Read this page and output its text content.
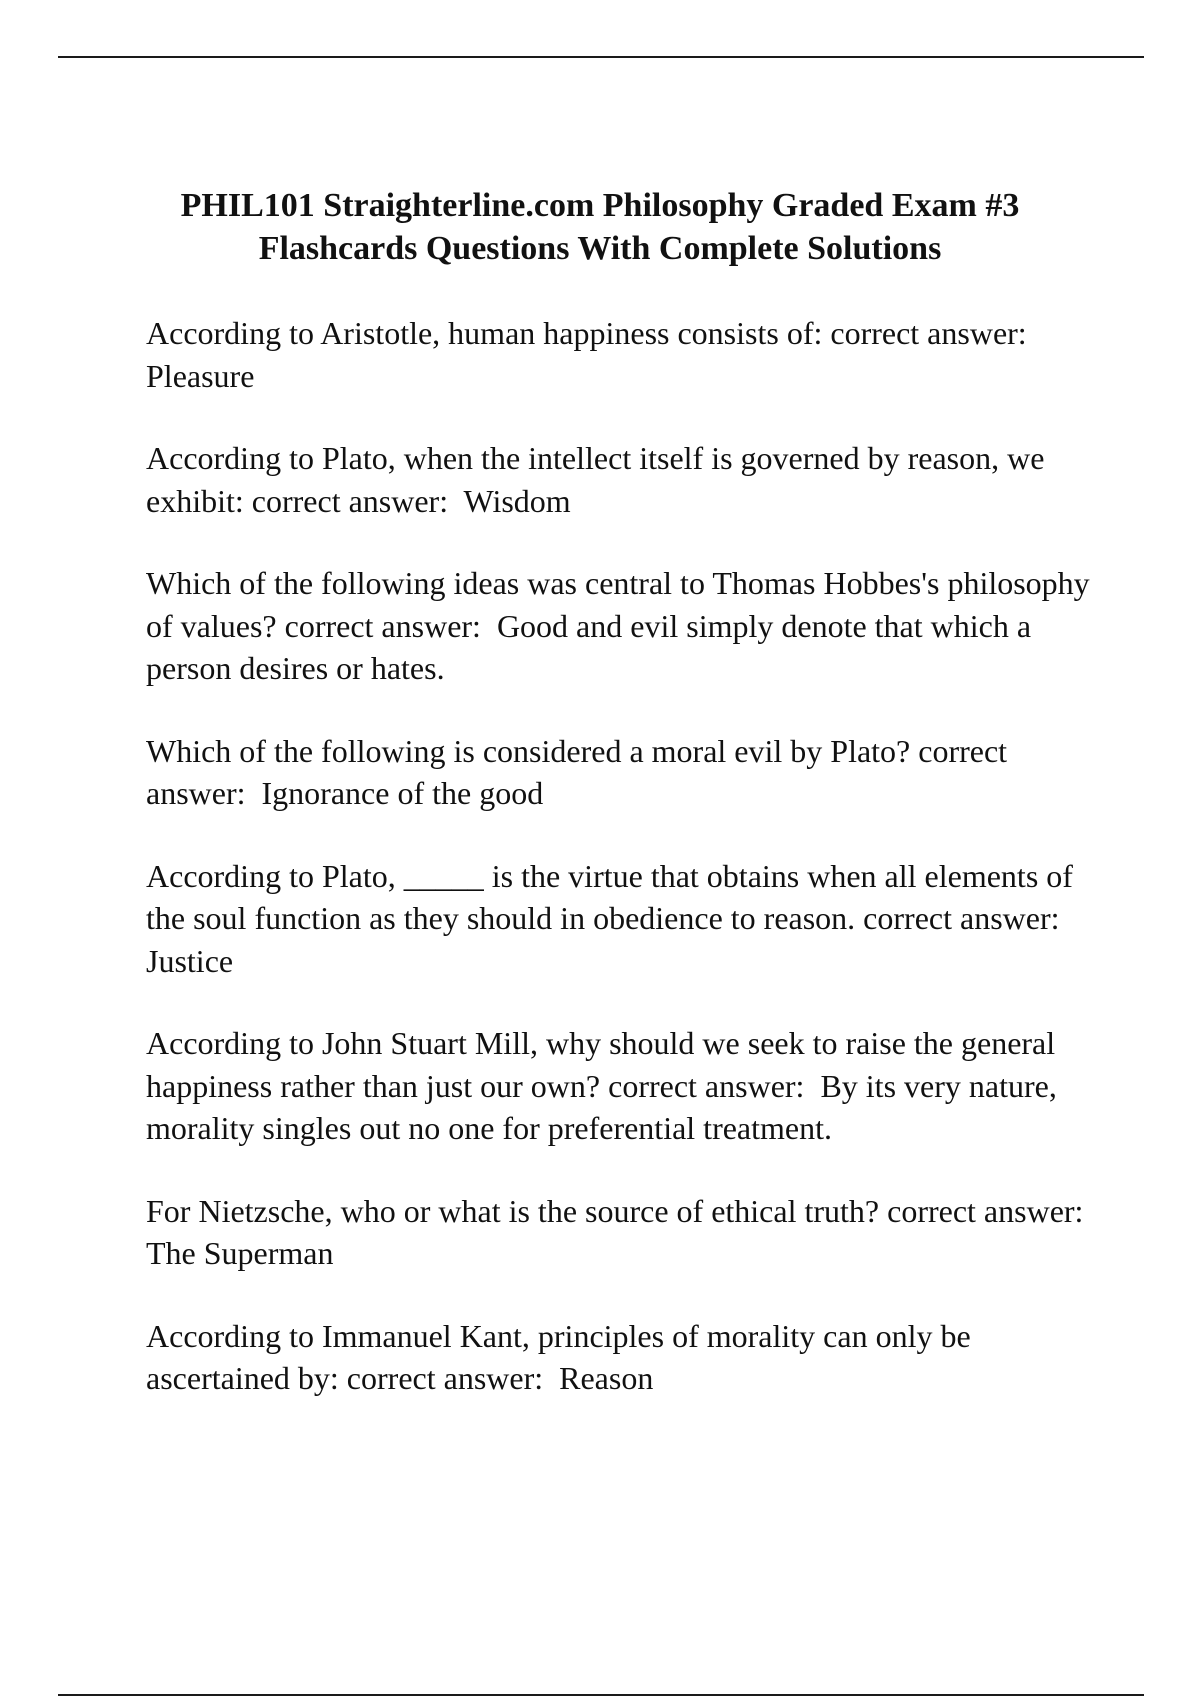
PHIL101 Straighterline.com Philosophy Graded Exam #3
Flashcards Questions With Complete Solutions
According to Aristotle, human happiness consists of: correct answer:  Pleasure
According to Plato, when the intellect itself is governed by reason, we exhibit: correct answer: Wisdom
Which of the following ideas was central to Thomas Hobbes's philosophy of values? correct answer: Good and evil simply denote that which a person desires or hates.
Which of the following is considered a moral evil by Plato? correct answer: Ignorance of the good
According to Plato, _____ is the virtue that obtains when all elements of the soul function as they should in obedience to reason. correct answer:  Justice
According to John Stuart Mill, why should we seek to raise the general happiness rather than just our own? correct answer: By its very nature, morality singles out no one for preferential treatment.
For Nietzsche, who or what is the source of ethical truth? correct answer:  The Superman
According to Immanuel Kant, principles of morality can only be ascertained by: correct answer: Reason
